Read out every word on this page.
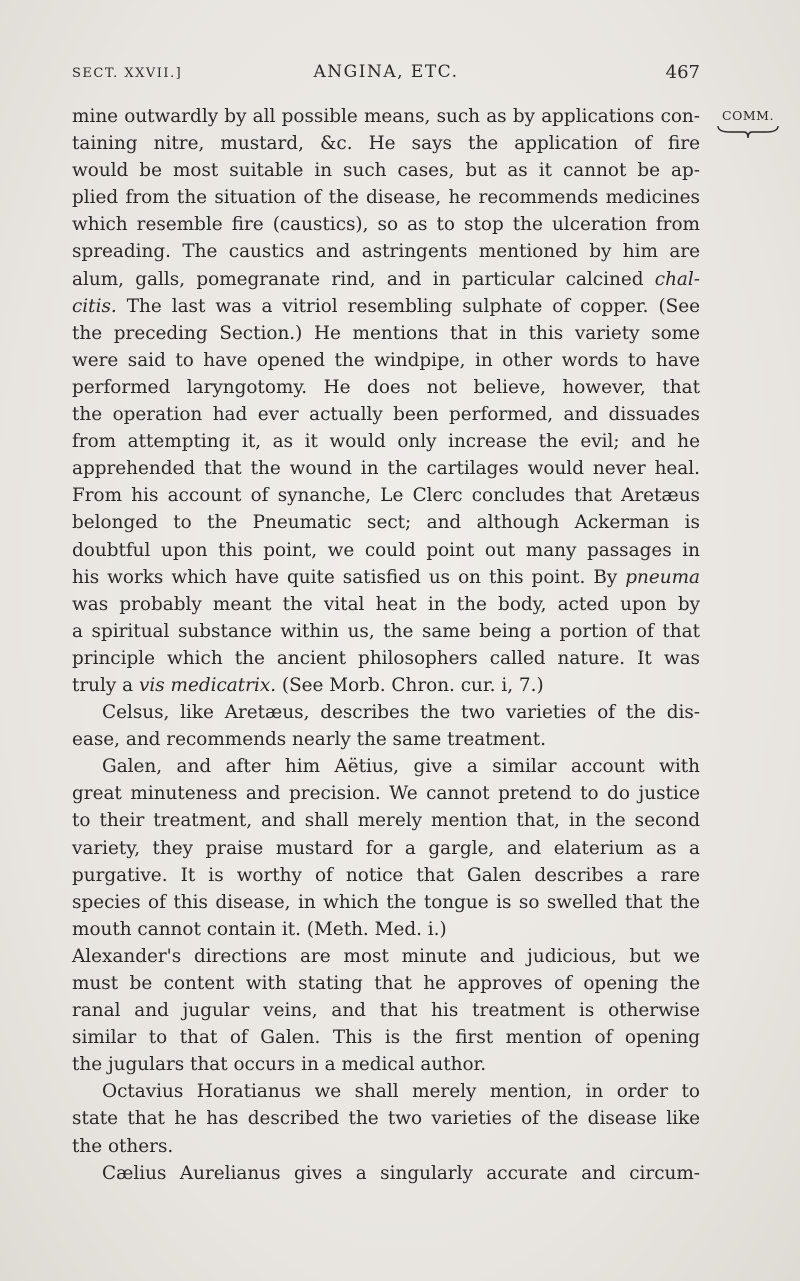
SECT. XXVII.]	ANGINA, ETC.	467
COMM.

mine outwardly by all possible means, such as by applications con-
taining nitre, mustard, &c. He says the application of fire
would be most suitable in such cases, but as it cannot be ap-
plied from the situation of the disease, he recommends medicines
which resemble fire (caustics), so as to stop the ulceration from
spreading. The caustics and astringents mentioned by him are
alum, galls, pomegranate rind, and in particular calcined chal-
citis. The last was a vitriol resembling sulphate of copper. (See
the preceding Section.) He mentions that in this variety some
were said to have opened the windpipe, in other words to have
performed laryngotomy. He does not believe, however, that
the operation had ever actually been performed, and dissuades
from attempting it, as it would only increase the evil; and he
apprehended that the wound in the cartilages would never heal.
From his account of synanche, Le Clerc concludes that Aretæus
belonged to the Pneumatic sect; and although Ackerman is
doubtful upon this point, we could point out many passages in
his works which have quite satisfied us on this point. By pneuma
was probably meant the vital heat in the body, acted upon by
a spiritual substance within us, the same being a portion of that
principle which the ancient philosophers called nature. It was
truly a vis medicatrix. (See Morb. Chron. cur. i, 7.)

Celsus, like Aretæus, describes the two varieties of the dis-
ease, and recommends nearly the same treatment.

Galen, and after him Aëtius, give a similar account with
great minuteness and precision. We cannot pretend to do justice
to their treatment, and shall merely mention that, in the second
variety, they praise mustard for a gargle, and elaterium as a
purgative. It is worthy of notice that Galen describes a rare
species of this disease, in which the tongue is so swelled that the
mouth cannot contain it. (Meth. Med. i.)

Alexander's directions are most minute and judicious, but we
must be content with stating that he approves of opening the
ranal and jugular veins, and that his treatment is otherwise
similar to that of Galen. This is the first mention of opening
the jugulars that occurs in a medical author.

Octavius Horatianus we shall merely mention, in order to
state that he has described the two varieties of the disease like
the others.

Cælius Aurelianus gives a singularly accurate and circum-
